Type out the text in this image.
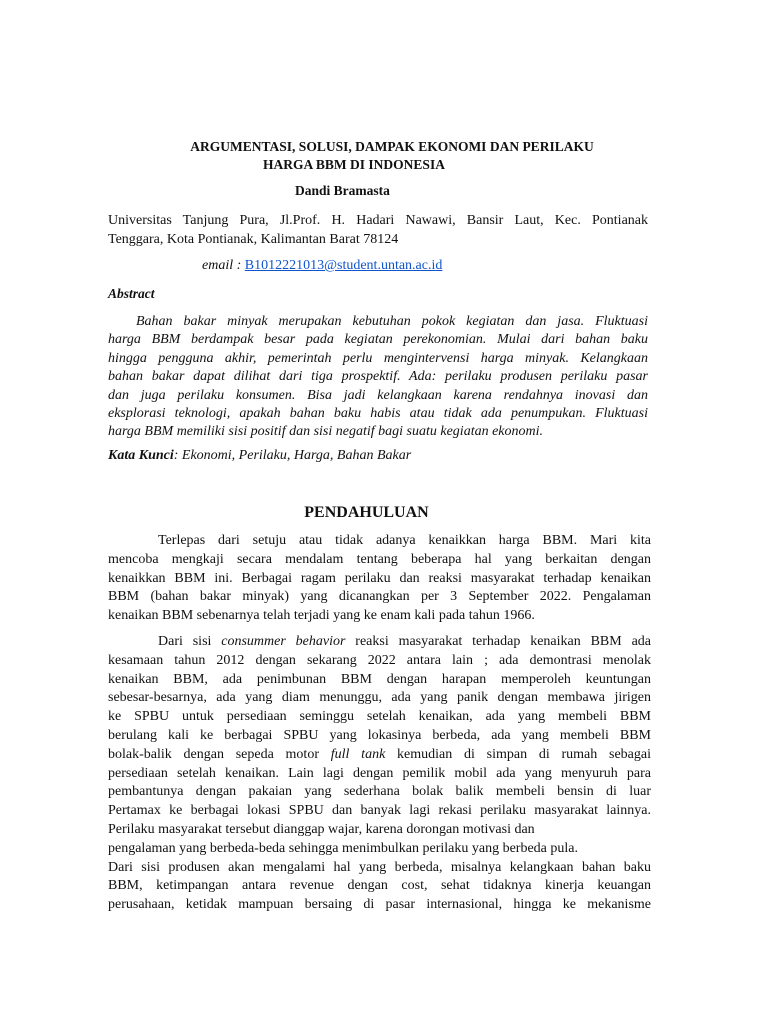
ARGUMENTASI, SOLUSI, DAMPAK EKONOMI DAN PERILAKU
HARGA BBM DI INDONESIA
Dandi Bramasta
Universitas Tanjung Pura, Jl.Prof. H. Hadari Nawawi, Bansir Laut, Kec. Pontianak
Tenggara, Kota Pontianak, Kalimantan Barat 78124
email : B1012221013@student.untan.ac.id
Abstract
Bahan bakar minyak merupakan kebutuhan pokok kegiatan dan jasa. Fluktuasi
harga BBM berdampak besar pada kegiatan perekonomian. Mulai dari bahan baku
hingga pengguna akhir, pemerintah perlu mengintervensi harga minyak. Kelangkaan
bahan bakar dapat dilihat dari tiga prospektif. Ada: perilaku produsen perilaku pasar
dan juga perilaku konsumen. Bisa jadi kelangkaan karena rendahnya inovasi dan
eksplorasi teknologi, apakah bahan baku habis atau tidak ada penumpukan. Fluktuasi
harga BBM memiliki sisi positif dan sisi negatif bagi suatu kegiatan ekonomi.
Kata Kunci: Ekonomi, Perilaku, Harga, Bahan Bakar
PENDAHULUAN
Terlepas dari setuju atau tidak adanya kenaikkan harga BBM. Mari kita
mencoba mengkaji secara mendalam tentang beberapa hal yang berkaitan dengan
kenaikkan BBM ini. Berbagai ragam perilaku dan reaksi masyarakat terhadap kenaikan
BBM (bahan bakar minyak) yang dicanangkan per 3 September 2022. Pengalaman
kenaikan BBM sebenarnya telah terjadi yang ke enam kali pada tahun 1966.
Dari sisi consummer behavior reaksi masyarakat terhadap kenaikan BBM ada
kesamaan tahun 2012 dengan sekarang 2022 antara lain ; ada demontrasi menolak
kenaikan BBM, ada penimbunan BBM dengan harapan memperoleh keuntungan
sebesar-besarnya, ada yang diam menunggu, ada yang panik dengan membawa jirigen
ke SPBU untuk persediaan seminggu setelah kenaikan, ada yang membeli BBM
berulang kali ke berbagai SPBU yang lokasinya berbeda, ada yang membeli BBM
bolak-balik dengan sepeda motor full tank kemudian di simpan di rumah sebagai
persediaan setelah kenaikan. Lain lagi dengan pemilik mobil ada yang menyuruh para
pembantunya dengan pakaian yang sederhana bolak balik membeli bensin di luar
Pertamax ke berbagai lokasi SPBU dan banyak lagi rekasi perilaku masyarakat lainnya.
Perilaku masyarakat tersebut dianggap wajar, karena dorongan motivasi dan
pengalaman yang berbeda-beda sehingga menimbulkan perilaku yang berbeda pula.
Dari sisi produsen akan mengalami hal yang berbeda, misalnya kelangkaan bahan baku
BBM, ketimpangan antara revenue dengan cost, sehat tidaknya kinerja keuangan
perusahaan, ketidak mampuan bersaing di pasar internasional, hingga ke mekanisme
